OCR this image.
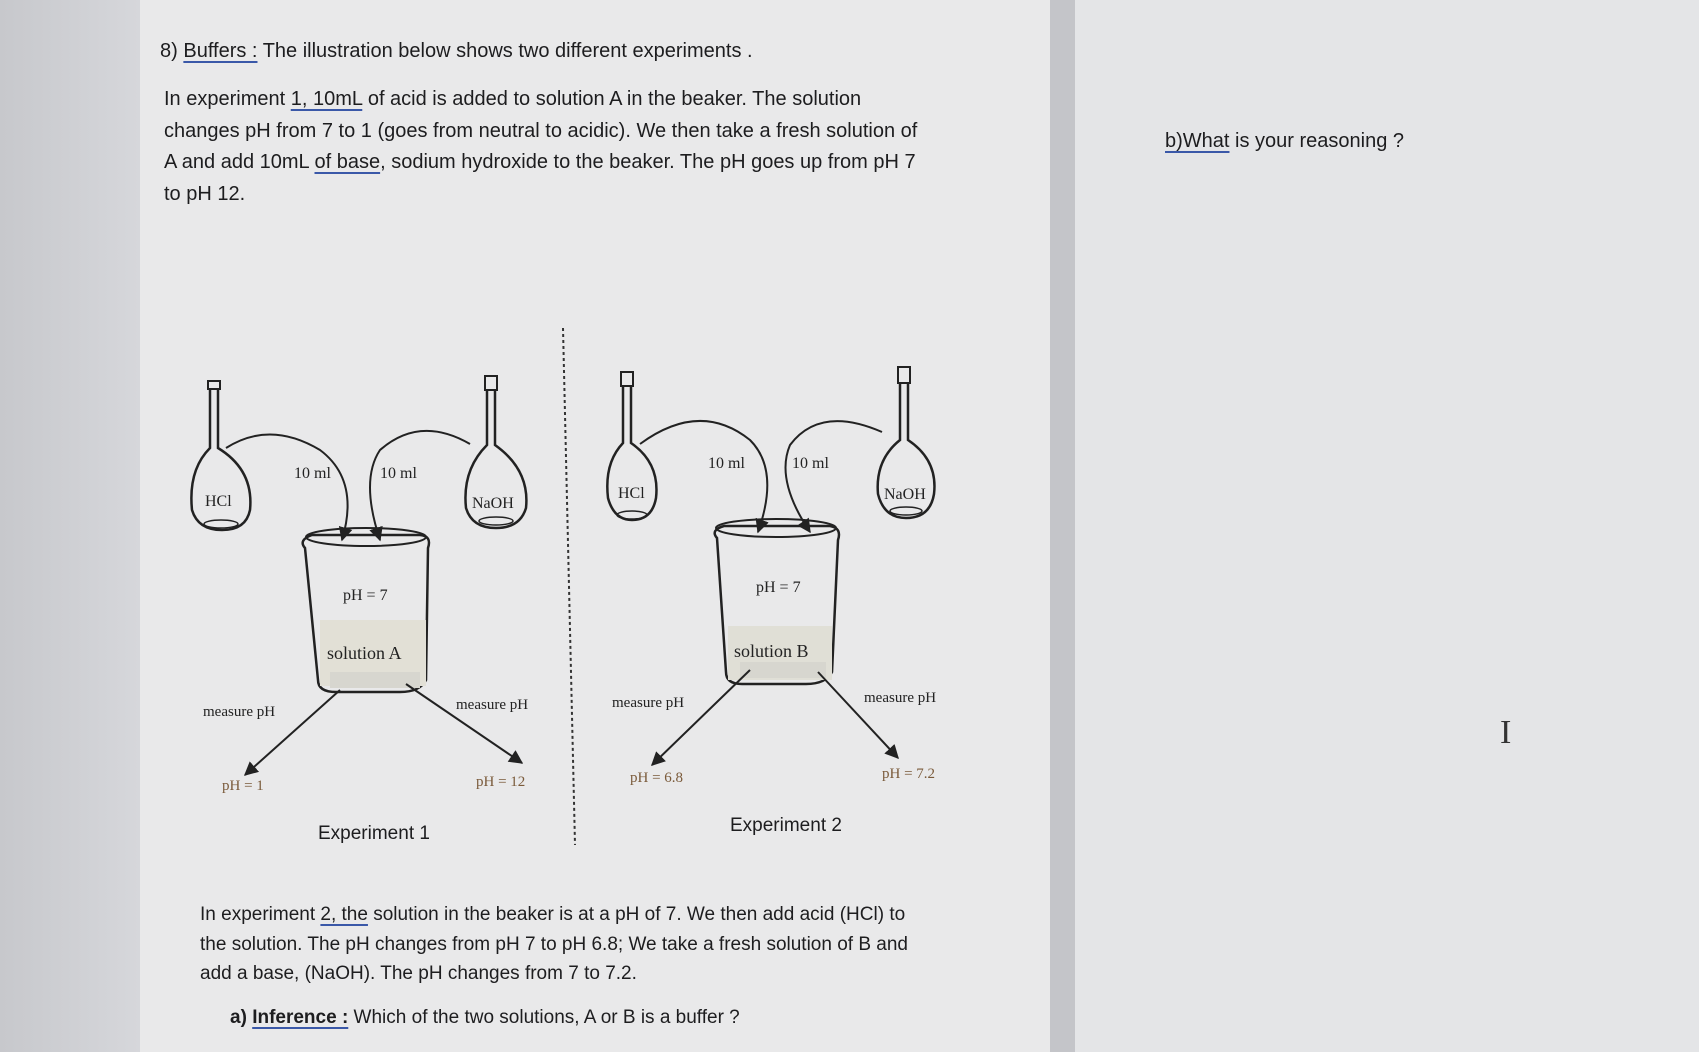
8) Buffers : The illustration below shows two different experiments .
In experiment 1, 10mL of acid is added to solution A in the beaker. The solution
changes pH from 7 to 1 (goes from neutral to acidic). We then take a fresh solution of
A and add 10mL of base, sodium hydroxide to the beaker. The pH goes up from pH 7
to pH 12.
b)What is your reasoning ?
HCl	NaOH
10 ml	10 ml
pH = 7
solution A
measure pH	measure pH
pH = 1	pH = 12
Experiment 1
HCl	NaOH
10 ml	10 ml
pH = 7
solution B
measure pH	measure pH
pH = 6.8	pH = 7.2
Experiment 2
In experiment 2, the solution in the beaker is at a pH of 7. We then add acid (HCl) to
the solution. The pH changes from pH 7 to pH 6.8; We take a fresh solution of B and
add a base, (NaOH). The pH changes from 7 to 7.2.
a) Inference : Which of the two solutions, A or B is a buffer ?
I
